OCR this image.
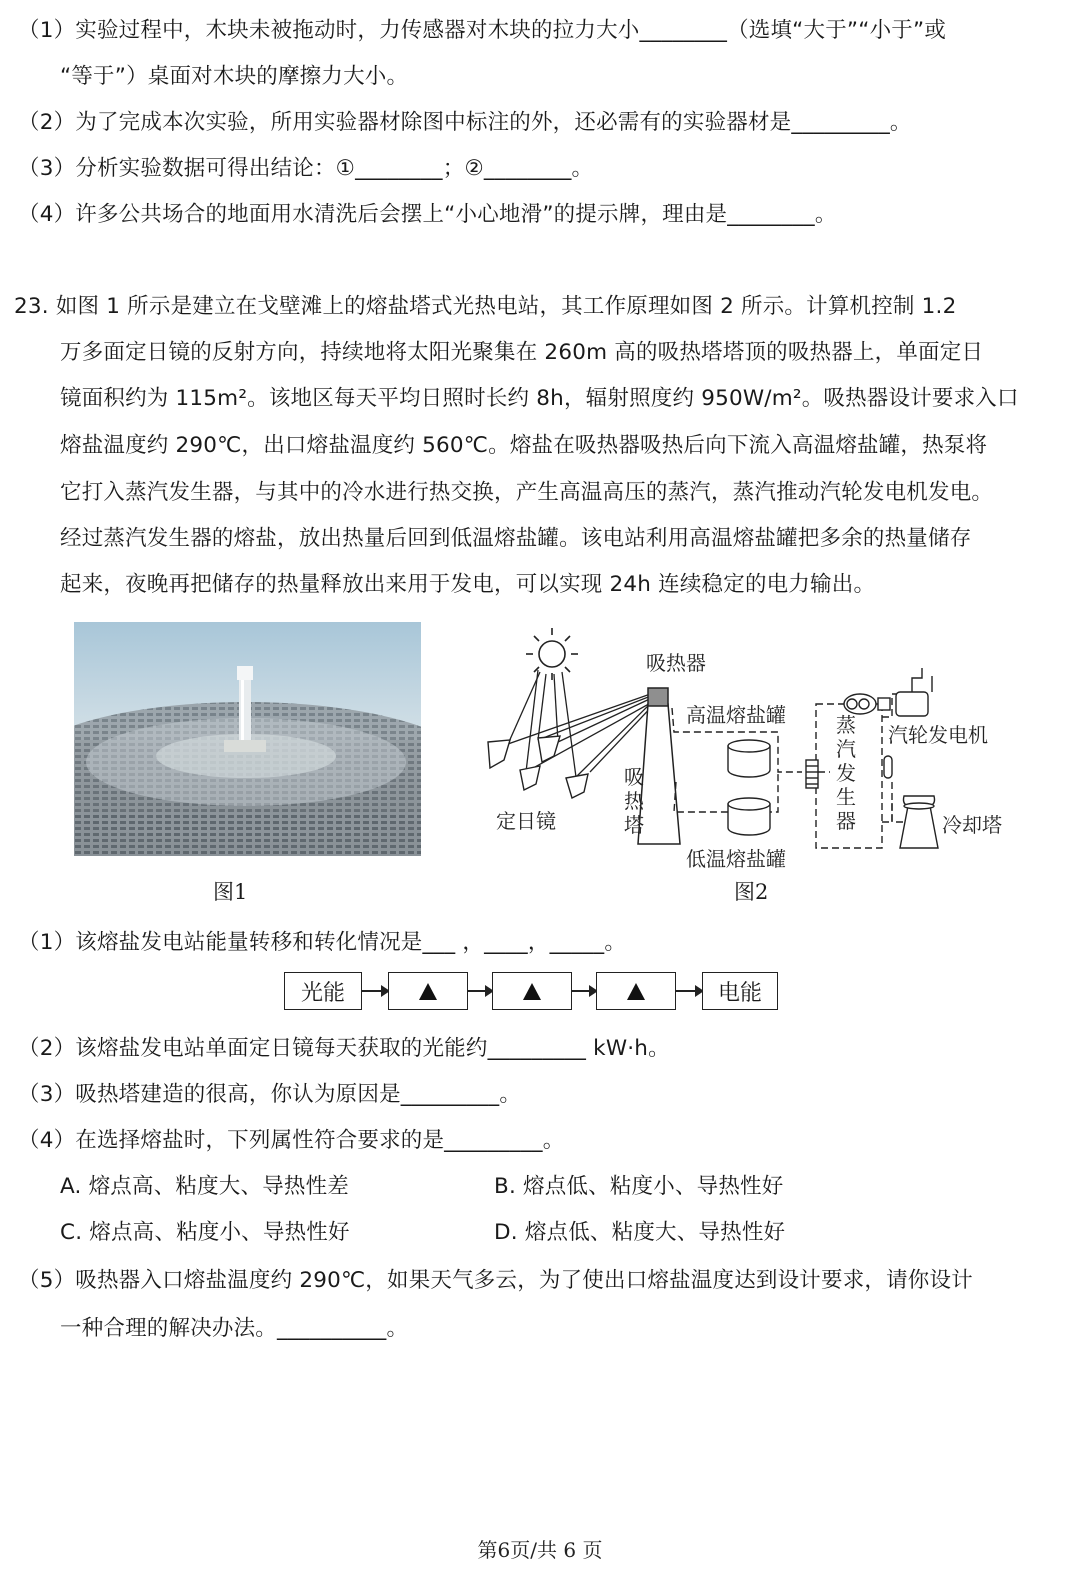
（1）实验过程中，木块未被拖动时，力传感器对木块的拉力大小________（选填“大于”“小于”或
“等于”）桌面对木块的摩擦力大小。
（2）为了完成本次实验，所用实验器材除图中标注的外，还必需有的实验器材是_________。
（3）分析实验数据可得出结论：①________；②________。
（4）许多公共场合的地面用水清洗后会摆上“小心地滑”的提示牌，理由是________。
23. 如图 1 所示是建立在戈壁滩上的熔盐塔式光热电站，其工作原理如图 2 所示。计算机控制 1.2
万多面定日镜的反射方向，持续地将太阳光聚集在 260m 高的吸热塔塔顶的吸热器上，单面定日
镜面积约为 115m²。该地区每天平均日照时长约 8h，辐射照度约 950W/m²。吸热器设计要求入口
熔盐温度约 290℃，出口熔盐温度约 560℃。熔盐在吸热器吸热后向下流入高温熔盐罐，热泵将
它打入蒸汽发生器，与其中的冷水进行热交换，产生高温高压的蒸汽，蒸汽推动汽轮发电机发电。
经过蒸汽发生器的熔盐，放出热量后回到低温熔盐罐。该电站利用高温熔盐罐把多余的热量储存
起来，夜晚再把储存的热量释放出来用于发电，可以实现 24h 连续稳定的电力输出。
图1
吸热器
吸
热
塔
定日镜
高温熔盐罐
低温熔盐罐
蒸
汽
发
生
器
汽轮发电机
冷却塔
图2
（1）该熔盐发电站能量转移和转化情况是___ ，____，_____。
光能	电能
（2）该熔盐发电站单面定日镜每天获取的光能约_________ kW·h。
（3）吸热塔建造的很高，你认为原因是_________。
（4）在选择熔盐时，下列属性符合要求的是_________。
A. 熔点高、粘度大、导热性差	B. 熔点低、粘度小、导热性好
C. 熔点高、粘度小、导热性好	D. 熔点低、粘度大、导热性好
（5）吸热器入口熔盐温度约 290℃，如果天气多云，为了使出口熔盐温度达到设计要求，请你设计
一种合理的解决办法。__________。
第6页/共 6 页
